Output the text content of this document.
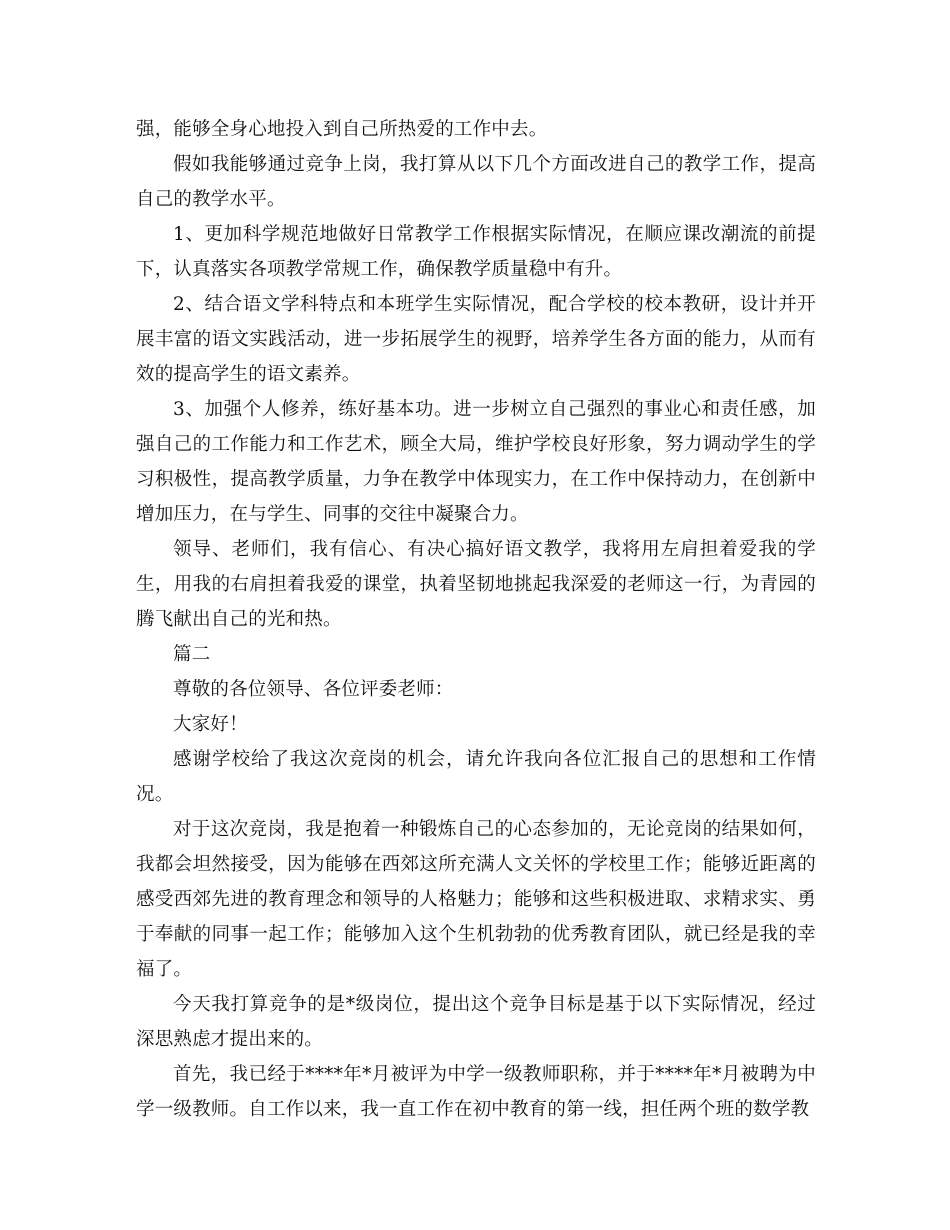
强，能够全身心地投入到自己所热爱的工作中去。

假如我能够通过竞争上岗，我打算从以下几个方面改进自己的教学工作，提高自己的教学水平。

1、更加科学规范地做好日常教学工作根据实际情况，在顺应课改潮流的前提下，认真落实各项教学常规工作，确保教学质量稳中有升。

2、结合语文学科特点和本班学生实际情况，配合学校的校本教研，设计并开展丰富的语文实践活动，进一步拓展学生的视野，培养学生各方面的能力，从而有效的提高学生的语文素养。

3、加强个人修养，练好基本功。进一步树立自己强烈的事业心和责任感，加强自己的工作能力和工作艺术，顾全大局，维护学校良好形象，努力调动学生的学习积极性，提高教学质量，力争在教学中体现实力，在工作中保持动力，在创新中增加压力，在与学生、同事的交往中凝聚合力。

领导、老师们，我有信心、有决心搞好语文教学，我将用左肩担着爱我的学生，用我的右肩担着我爱的课堂，执着坚韧地挑起我深爱的老师这一行，为青园的腾飞献出自己的光和热。

篇二

尊敬的各位领导、各位评委老师：

大家好！

感谢学校给了我这次竞岗的机会，请允许我向各位汇报自己的思想和工作情况。

对于这次竞岗，我是抱着一种锻炼自己的心态参加的，无论竞岗的结果如何，我都会坦然接受，因为能够在西郊这所充满人文关怀的学校里工作；能够近距离的感受西郊先进的教育理念和领导的人格魅力；能够和这些积极进取、求精求实、勇于奉献的同事一起工作；能够加入这个生机勃勃的优秀教育团队，就已经是我的幸福了。

今天我打算竞争的是*级岗位，提出这个竞争目标是基于以下实际情况，经过深思熟虑才提出来的。

首先，我已经于****年*月被评为中学一级教师职称，并于****年*月被聘为中学一级教师。自工作以来，我一直工作在初中教育的第一线，担任两个班的数学教
